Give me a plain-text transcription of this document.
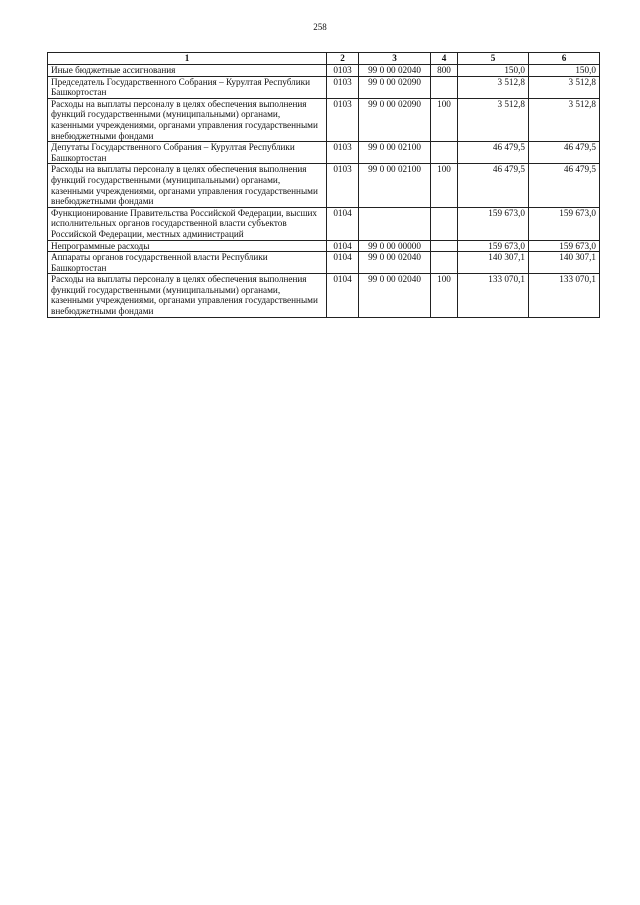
258
1	2	3	4	5	6
Иные бюджетные ассигнования	0103	99 0 00 02040	800	150,0	150,0
Председатель Государственного Собрания – Курултая Республики Башкортостан	0103	99 0 00 02090		3 512,8	3 512,8
Расходы на выплаты персоналу в целях обеспечения выполнения функций государственными (муниципальными) органами, казенными учреждениями, органами управления государственными внебюджетными фондами	0103	99 0 00 02090	100	3 512,8	3 512,8
Депутаты Государственного Собрания – Курултая Республики Башкортостан	0103	99 0 00 02100		46 479,5	46 479,5
Расходы на выплаты персоналу в целях обеспечения выполнения функций государственными (муниципальными) органами, казенными учреждениями, органами управления государственными внебюджетными фондами	0103	99 0 00 02100	100	46 479,5	46 479,5
Функционирование Правительства Российской Федерации, высших исполнительных органов государственной власти субъектов Российской Федерации, местных администраций	0104			159 673,0	159 673,0
Непрограммные расходы	0104	99 0 00 00000		159 673,0	159 673,0
Аппараты органов государственной власти Республики Башкортостан	0104	99 0 00 02040		140 307,1	140 307,1
Расходы на выплаты персоналу в целях обеспечения выполнения функций государственными (муниципальными) органами, казенными учреждениями, органами управления государственными внебюджетными фондами	0104	99 0 00 02040	100	133 070,1	133 070,1
